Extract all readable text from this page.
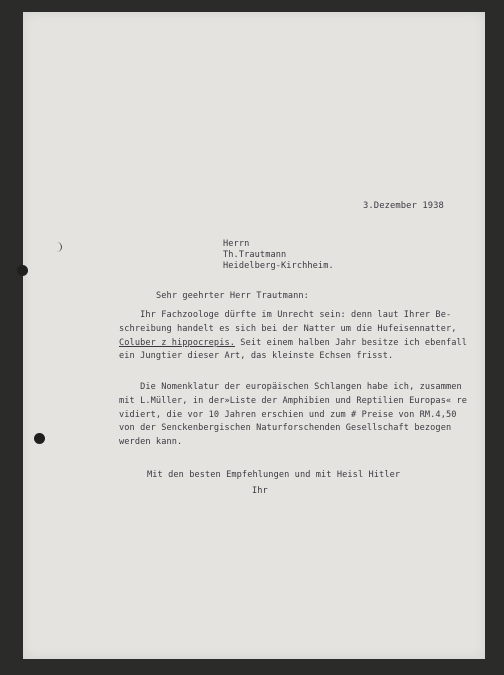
3.Dezember 1938
Herrn
Th.Trautmann
Heidelberg-Kirchheim.
Sehr geehrter Herr Trautmann:
Ihr Fachzoologe dürfte im Unrecht sein: denn laut Ihrer Be-
schreibung handelt es sich bei der Natter um die Hufeisennatter,
Coluber z hippocrepis. Seit einem halben Jahr besitze ich ebenfall
ein Jungtier dieser Art, das kleinste Echsen frisst.
Die Nomenklatur der europäischen Schlangen habe ich, zusammen
mit L.Müller, in der»Liste der Amphibien und Reptilien Europas« re
vidiert, die vor 10 Jahren erschien und zum # Preise von RM.4,50
von der Senckenbergischen Naturforschenden Gesellschaft bezogen
werden kann.
Mit den besten Empfehlungen und mit Heisl Hitler
Ihr
